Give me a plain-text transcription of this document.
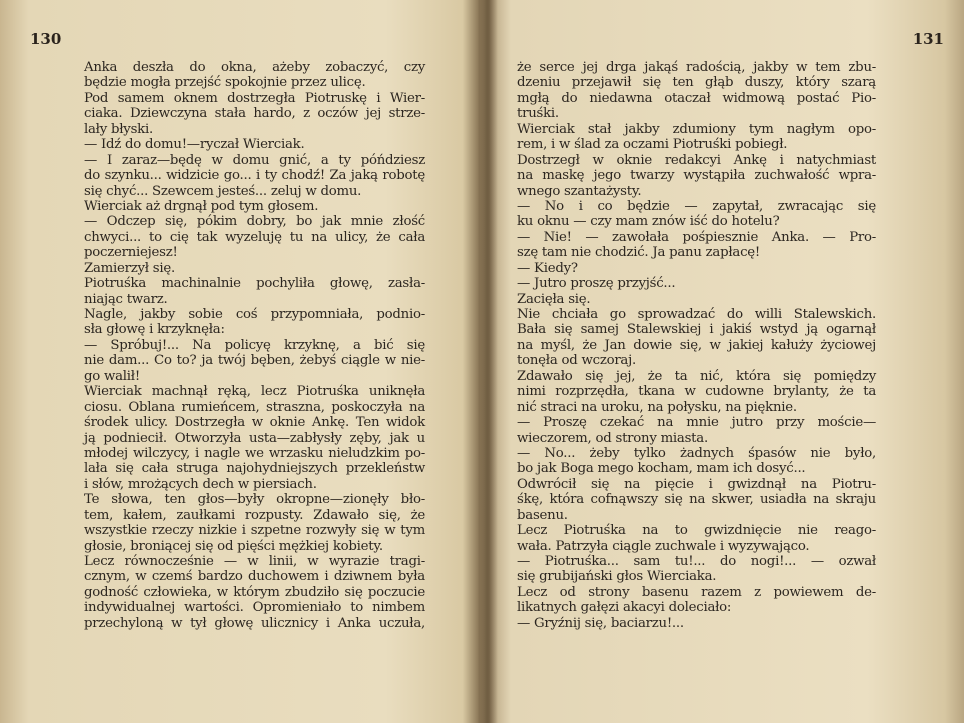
130
Anka deszła do okna, ażeby zobaczyć, czy
będzie mogła przejść spokojnie przez ulicę.
Pod samem oknem dostrzegła Piotruskę i Wier-
ciaka. Dziewczyna stała hardo, z oczów jej strze-
lały błyski.
— Idź do domu!—ryczał Wierciak.
— I zaraz—będę w domu gnić, a ty póńdziesz
do szynku... widzicie go... i ty chodź! Za jaką robotę
się chyć... Szewcem jesteś... zeluj w domu.
Wierciak aż drgnął pod tym głosem.
— Odczep się, pókim dobry, bo jak mnie złość
chwyci... to cię tak wyzeluję tu na ulicy, że cała
poczerniejesz!
Zamierzył się.
Piotruśka machinalnie pochyliła głowę, zasła-
niając twarz.
Nagle, jakby sobie coś przypomniała, podnio-
sła głowę i krzyknęła:
— Spróbuj!... Na policyę krzyknę, a bić się
nie dam... Co to? ja twój bęben, żebyś ciągle w nie-
go walił!
Wierciak machnął ręką, lecz Piotruśka uniknęła
ciosu. Oblana rumieńcem, straszna, poskoczyła na
środek ulicy. Dostrzegła w oknie Ankę. Ten widok
ją podniecił. Otworzyła usta—zabłysły zęby, jak u
młodej wilczycy, i nagle we wrzasku nieludzkim po-
lała się cała struga najohydniejszych przekleństw
i słów, mrożących dech w piersiach.
Te słowa, ten głos—były okropne—zionęły bło-
tem, kałem, zaułkami rozpusty. Zdawało się, że
wszystkie rzeczy nizkie i szpetne rozwyły się w tym
głosie, broniącej się od pięści mężkiej kobiety.
Lecz równocześnie — w linii, w wyrazie tragi-
cznym, w czemś bardzo duchowem i dziwnem była
godność człowieka, w którym zbudziło się poczucie
indywidualnej wartości. Opromieniało to nimbem
przechyloną w tył głowę ulicznicy i Anka uczuła,
131
że serce jej drga jakąś radością, jakby w tem zbu-
dzeniu przejawił się ten głąb duszy, który szarą
mgłą do niedawna otaczał widmową postać Pio-
truśki.
Wierciak stał jakby zdumiony tym nagłym opo-
rem, i w ślad za oczami Piotruśki pobiegł.
Dostrzegł w oknie redakcyi Ankę i natychmiast
na maskę jego twarzy wystąpiła zuchwałość wpra-
wnego szantażysty.
— No i co będzie — zapytał, zwracając się
ku oknu — czy mam znów iść do hotelu?
— Nie! — zawołała pośpiesznie Anka. — Pro-
szę tam nie chodzić. Ja panu zapłacę!
— Kiedy?
— Jutro proszę przyjść...
Zacięła się.
Nie chciała go sprowadzać do willi Stalewskich.
Bała się samej Stalewskiej i jakiś wstyd ją ogarnął
na myśl, że Jan dowie się, w jakiej kałuży życiowej
tonęła od wczoraj.
Zdawało się jej, że ta nić, która się pomiędzy
nimi rozprzędła, tkana w cudowne brylanty, że ta
nić straci na uroku, na połysku, na pięknie.
— Proszę czekać na mnie jutro przy moście—
wieczorem, od strony miasta.
— No... żeby tylko żadnych śpasów nie było,
bo jak Boga mego kocham, mam ich dosyć...
Odwrócił się na pięcie i gwizdnął na Piotru-
śkę, która cofnąwszy się na skwer, usiadła na skraju
basenu.
Lecz Piotruśka na to gwizdnięcie nie reago-
wała. Patrzyła ciągle zuchwale i wyzywająco.
— Piotruśka... sam tu!... do nogi!... — ozwał
się grubijański głos Wierciaka.
Lecz od strony basenu razem z powiewem de-
likatnych gałęzi akacyi doleciało:
— Gryźnij się, baciarzu!...
